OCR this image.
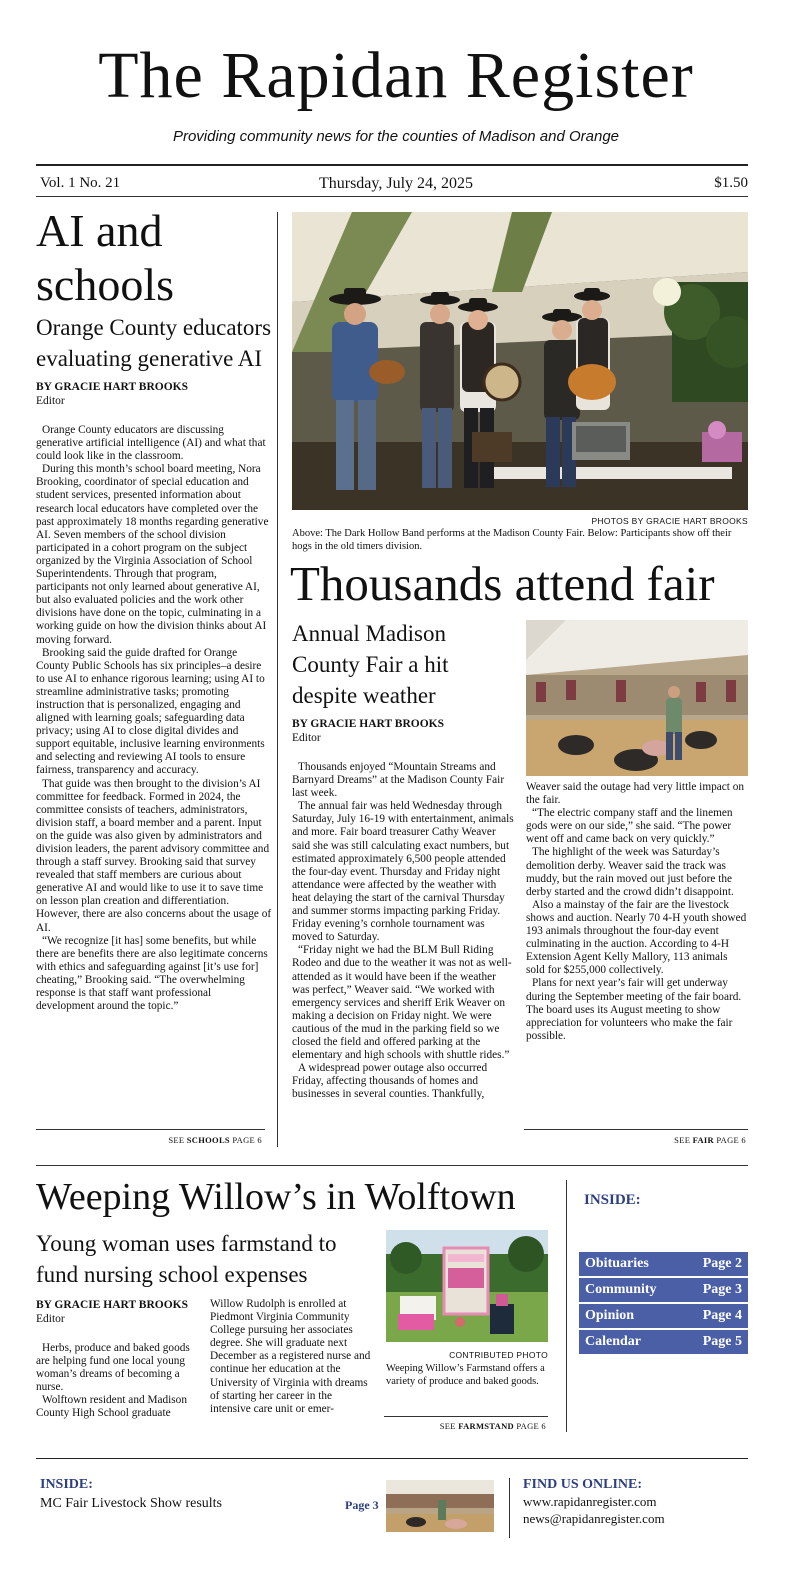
The Rapidan Register
Providing community news for the counties of Madison and Orange
Vol. 1 No. 21	Thursday, July 24, 2025	$1.50
AI and schools
Orange County educators evaluating generative AI
BY GRACIE HART BROOKS
Editor

Orange County educators are discussing generative artificial intelligence (AI) and what that could look like in the classroom.

During this month’s school board meeting, Nora Brooking, coordinator of special education and student services, presented information about research local educators have completed over the past approximately 18 months regarding generative AI. Seven members of the school division participated in a cohort program on the subject organized by the Virginia Association of School Superintendents. Through that program, participants not only learned about generative AI, but also evaluated policies and the work other divisions have done on the topic, culminating in a working guide on how the division thinks about AI moving forward.

Brooking said the guide drafted for Orange County Public Schools has six principles–a desire to use AI to enhance rigorous learning; using AI to streamline administrative tasks; promoting instruction that is personalized, engaging and aligned with learning goals; safeguarding data privacy; using AI to close digital divides and support equitable, inclusive learning environments and selecting and reviewing AI tools to ensure fairness, transparency and accuracy.

That guide was then brought to the division’s AI committee for feedback. Formed in 2024, the committee consists of teachers, administrators, division staff, a board member and a parent. Input on the guide was also given by administrators and division leaders, the parent advisory committee and through a staff survey. Brooking said that survey revealed that staff members are curious about generative AI and would like to use it to save time on lesson plan creation and differentiation. However, there are also concerns about the usage of AI.

“We recognize [it has] some benefits, but while there are benefits there are also legitimate concerns with ethics and safeguarding against [it’s use for] cheating,” Brooking said. “The overwhelming response is that staff want professional development around the topic.”

SEE SCHOOLS PAGE 6
PHOTOS BY GRACIE HART BROOKS
Above: The Dark Hollow Band performs at the Madison County Fair. Below: Participants show off their hogs in the old timers division.
Thousands attend fair
Annual Madison County Fair a hit despite weather
BY GRACIE HART BROOKS
Editor

Thousands enjoyed “Mountain Streams and Barnyard Dreams” at the Madison County Fair last week.

The annual fair was held Wednesday through Saturday, July 16-19 with entertainment, animals and more. Fair board treasurer Cathy Weaver said she was still calculating exact numbers, but estimated approximately 6,500 people attended the four-day event. Thursday and Friday night attendance were affected by the weather with heat delaying the start of the carnival Thursday and summer storms impacting parking Friday. Friday evening’s cornhole tournament was moved to Saturday.

“Friday night we had the BLM Bull Riding Rodeo and due to the weather it was not as well-attended as it would have been if the weather was perfect,” Weaver said. “We worked with emergency services and sheriff Erik Weaver on making a decision on Friday night. We were cautious of the mud in the parking field so we closed the field and offered parking at the elementary and high schools with shuttle rides.”

A widespread power outage also occurred Friday, affecting thousands of homes and businesses in several counties. Thankfully,

Weaver said the outage had very little impact on the fair.

“The electric company staff and the linemen gods were on our side,” she said. “The power went off and came back on very quickly.”

The highlight of the week was Saturday’s demolition derby. Weaver said the track was muddy, but the rain moved out just before the derby started and the crowd didn’t disappoint.

Also a mainstay of the fair are the livestock shows and auction. Nearly 70 4-H youth showed 193 animals throughout the four-day event culminating in the auction. According to 4-H Extension Agent Kelly Mallory, 113 animals sold for $255,000 collectively.

Plans for next year’s fair will get underway during the September meeting of the fair board. The board uses its August meeting to show appreciation for volunteers who make the fair possible.

SEE FAIR PAGE 6
Weeping Willow’s in Wolftown
Young woman uses farmstand to fund nursing school expenses
BY GRACIE HART BROOKS
Editor

Herbs, produce and baked goods are helping fund one local young woman’s dreams of becoming a nurse.

Wolftown resident and Madison County High School graduate

Willow Rudolph is enrolled at Piedmont Virginia Community College pursuing her associates degree. She will graduate next December as a registered nurse and continue her education at the University of Virginia with dreams of starting her career in the intensive care unit or emer-

CONTRIBUTED PHOTO
Weeping Willow’s Farmstand offers a variety of produce and baked goods.
SEE FARMSTAND PAGE 6
INSIDE:
Obituaries	Page 2
Community	Page 3
Opinion	Page 4
Calendar	Page 5
INSIDE:
MC Fair Livestock Show results	Page 3
FIND US ONLINE:
www.rapidanregister.com
news@rapidanregister.com
